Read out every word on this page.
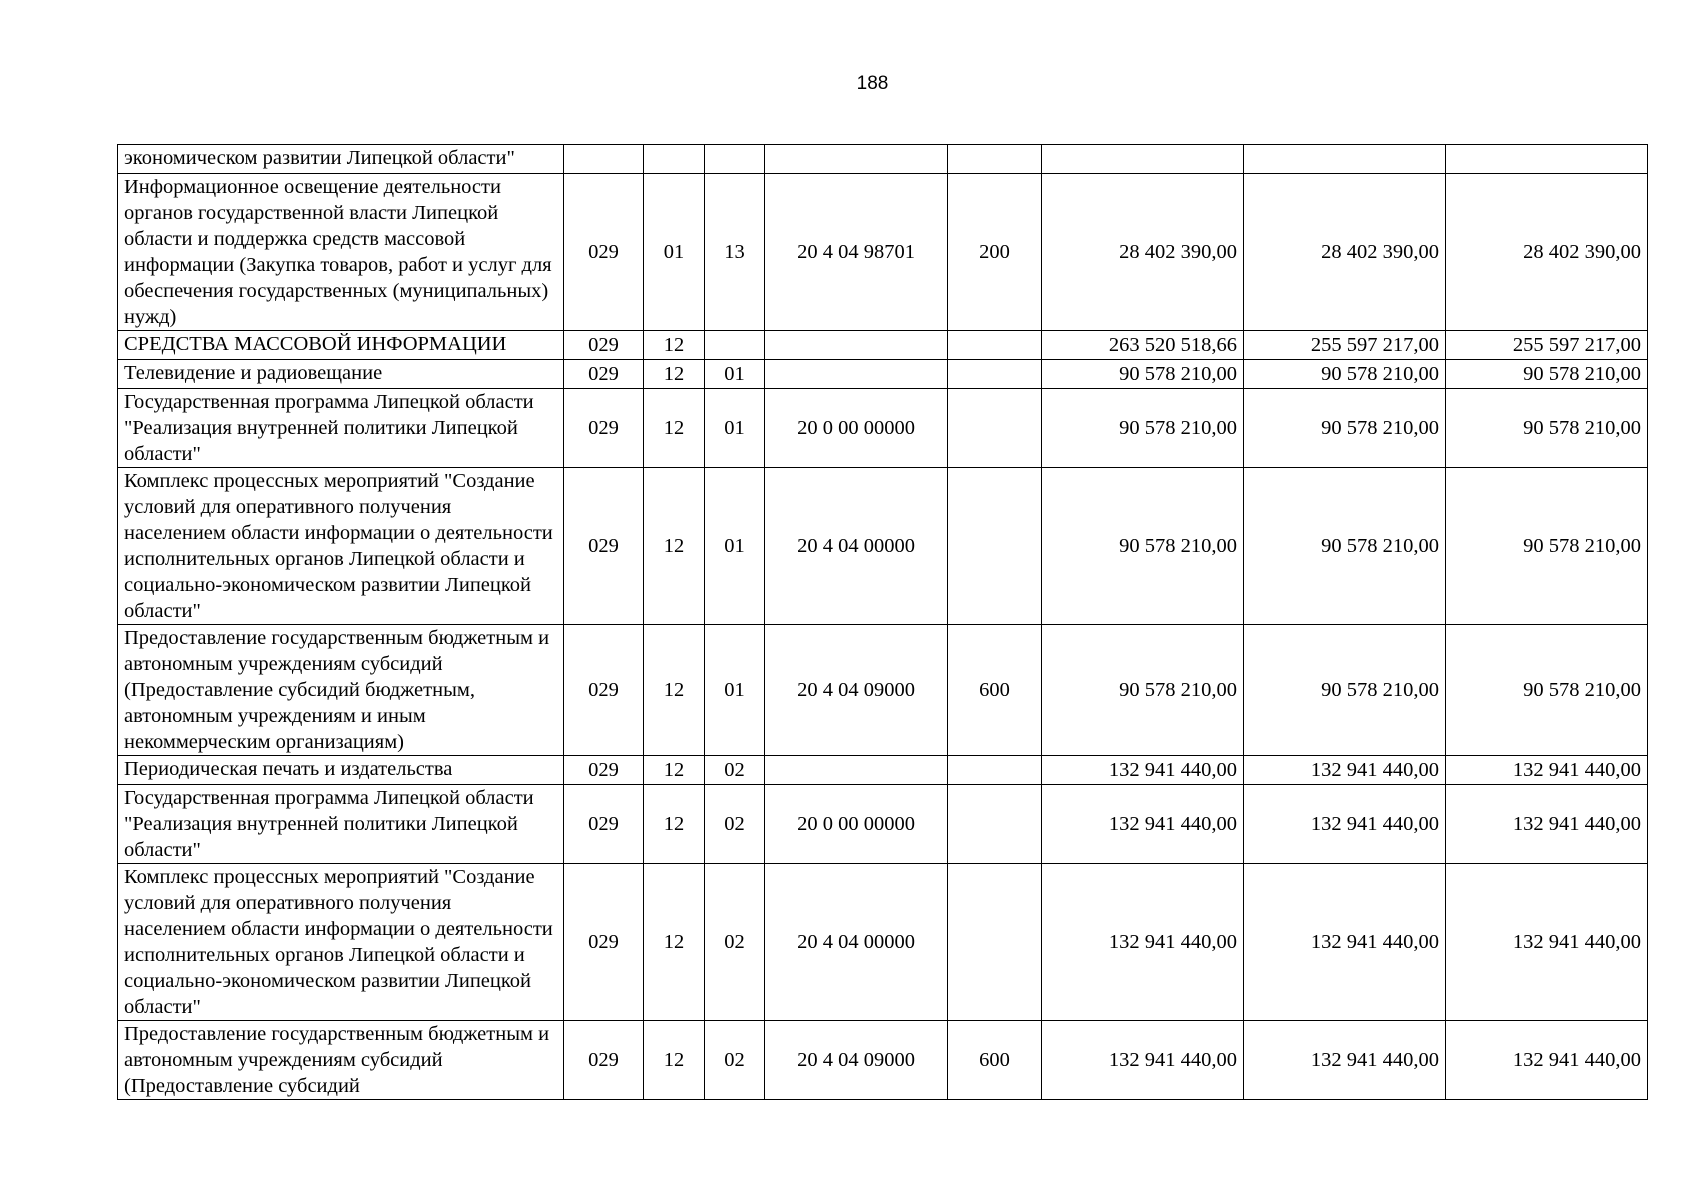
188
экономическом развитии Липецкой области"								
Информационное освещение деятельности органов государственной власти Липецкой области и поддержка средств массовой информации (Закупка товаров, работ и услуг для обеспечения государственных (муниципальных) нужд)	029	01	13	20 4 04 98701	200	28 402 390,00	28 402 390,00	28 402 390,00
СРЕДСТВА МАССОВОЙ ИНФОРМАЦИИ	029	12				263 520 518,66	255 597 217,00	255 597 217,00
Телевидение и радиовещание	029	12	01			90 578 210,00	90 578 210,00	90 578 210,00
Государственная программа Липецкой области "Реализация внутренней политики Липецкой области"	029	12	01	20 0 00 00000		90 578 210,00	90 578 210,00	90 578 210,00
Комплекс процессных мероприятий "Создание условий для оперативного получения населением области информации о деятельности исполнительных органов Липецкой области и социально-экономическом развитии Липецкой области"	029	12	01	20 4 04 00000		90 578 210,00	90 578 210,00	90 578 210,00
Предоставление государственным бюджетным и автономным учреждениям субсидий (Предоставление субсидий бюджетным, автономным учреждениям и иным некоммерческим организациям)	029	12	01	20 4 04 09000	600	90 578 210,00	90 578 210,00	90 578 210,00
Периодическая печать и издательства	029	12	02			132 941 440,00	132 941 440,00	132 941 440,00
Государственная программа Липецкой области "Реализация внутренней политики Липецкой области"	029	12	02	20 0 00 00000		132 941 440,00	132 941 440,00	132 941 440,00
Комплекс процессных мероприятий "Создание условий для оперативного получения населением области информации о деятельности исполнительных органов Липецкой области и социально-экономическом развитии Липецкой области"	029	12	02	20 4 04 00000		132 941 440,00	132 941 440,00	132 941 440,00
Предоставление государственным бюджетным и автономным учреждениям субсидий (Предоставление субсидий	029	12	02	20 4 04 09000	600	132 941 440,00	132 941 440,00	132 941 440,00
